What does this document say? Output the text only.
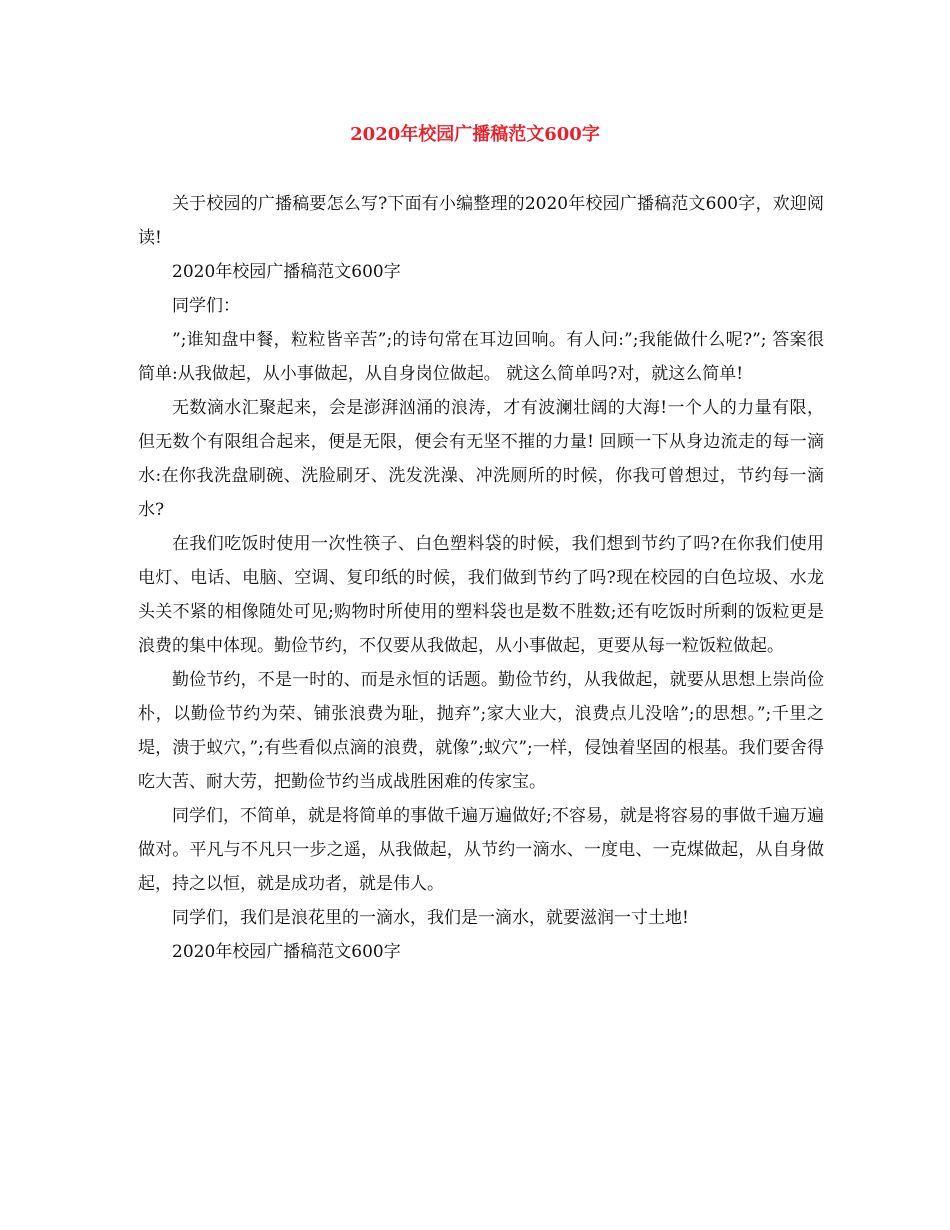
2020年校园广播稿范文600字

关于校园的广播稿要怎么写?下面有小编整理的2020年校园广播稿范文600字，欢迎阅读!

2020年校园广播稿范文600字

同学们：

”;谁知盘中餐，粒粒皆辛苦”;的诗句常在耳边回响。有人问:”;我能做什么呢?”; 答案很简单:从我做起，从小事做起，从自身岗位做起。 就这么简单吗?对，就这么简单!

无数滴水汇聚起来，会是澎湃汹涌的浪涛，才有波澜壮阔的大海!一个人的力量有限，但无数个有限组合起来，便是无限，便会有无坚不摧的力量! 回顾一下从身边流走的每一滴水:在你我洗盘刷碗、洗脸刷牙、洗发洗澡、冲洗厕所的时候，你我可曾想过，节约每一滴水?

在我们吃饭时使用一次性筷子、白色塑料袋的时候，我们想到节约了吗?在你我们使用电灯、电话、电脑、空调、复印纸的时候，我们做到节约了吗?现在校园的白色垃圾、水龙头关不紧的相像随处可见;购物时所使用的塑料袋也是数不胜数;还有吃饭时所剩的饭粒更是浪费的集中体现。勤俭节约，不仅要从我做起，从小事做起，更要从每一粒饭粒做起。

勤俭节约，不是一时的、而是永恒的话题。勤俭节约，从我做起，就要从思想上崇尚俭朴，以勤俭节约为荣、铺张浪费为耻，抛弃”;家大业大，浪费点儿没啥”;的思想。”;千里之堤，溃于蚁穴，”;有些看似点滴的浪费，就像”;蚁穴”;一样，侵蚀着坚固的根基。我们要舍得吃大苦、耐大劳，把勤俭节约当成战胜困难的传家宝。

同学们，不简单，就是将简单的事做千遍万遍做好;不容易，就是将容易的事做千遍万遍做对。平凡与不凡只一步之遥，从我做起，从节约一滴水、一度电、一克煤做起，从自身做起，持之以恒，就是成功者，就是伟人。

同学们，我们是浪花里的一滴水，我们是一滴水，就要滋润一寸土地!

2020年校园广播稿范文600字
